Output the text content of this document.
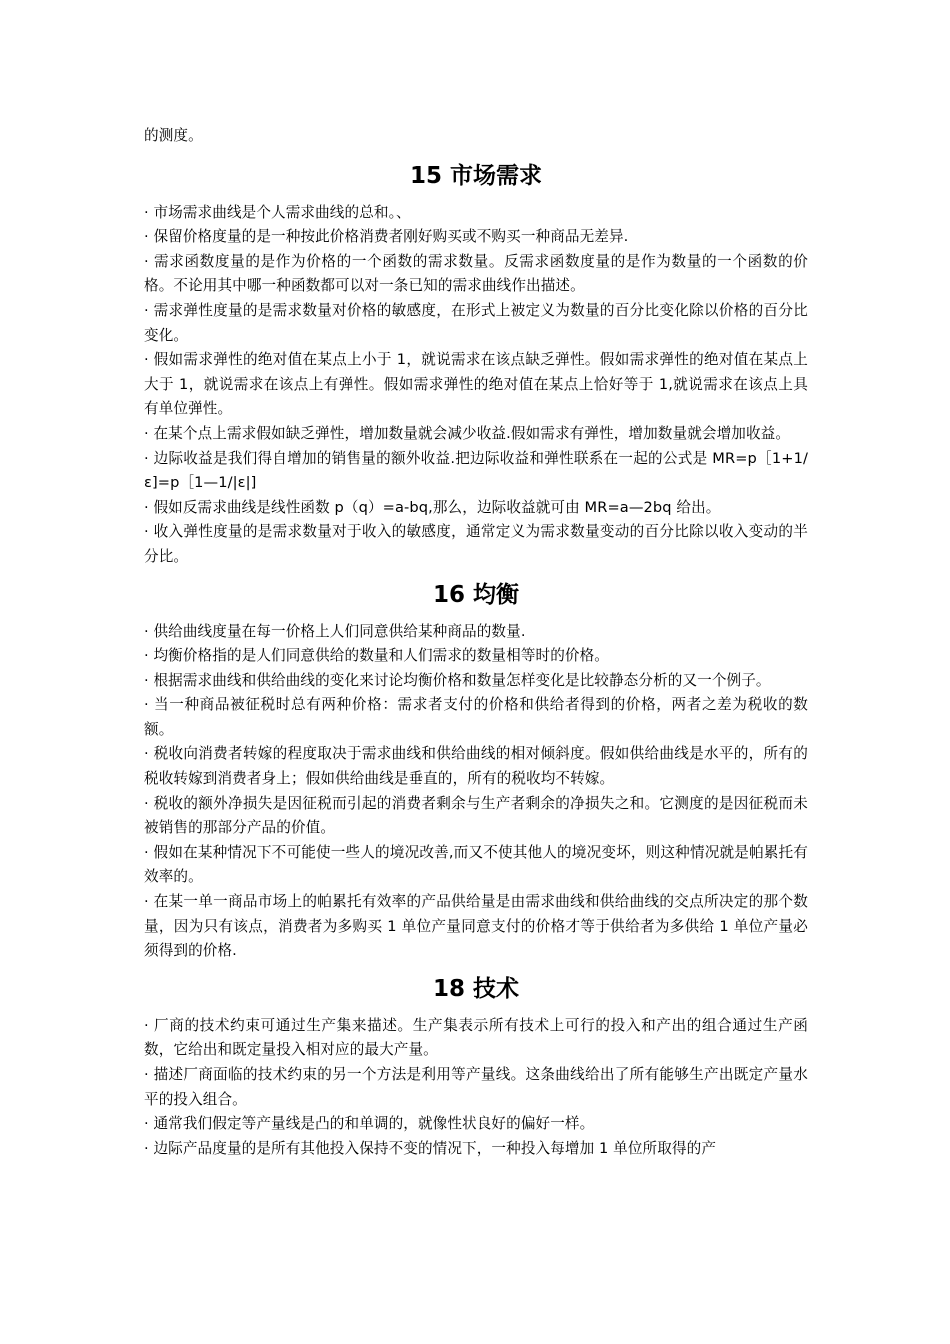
的测度。

15 市场需求

· 市场需求曲线是个人需求曲线的总和。、

· 保留价格度量的是一种按此价格消费者刚好购买或不购买一种商品无差异.

· 需求函数度量的是作为价格的一个函数的需求数量。反需求函数度量的是作为数量的一个函数的价格。不论用其中哪一种函数都可以对一条已知的需求曲线作出描述。

· 需求弹性度量的是需求数量对价格的敏感度，在形式上被定义为数量的百分比变化除以价格的百分比变化。

· 假如需求弹性的绝对值在某点上小于 1，就说需求在该点缺乏弹性。假如需求弹性的绝对值在某点上大于 1，就说需求在该点上有弹性。假如需求弹性的绝对值在某点上恰好等于 1,就说需求在该点上具有单位弹性。

· 在某个点上需求假如缺乏弹性，增加数量就会减少收益.假如需求有弹性，增加数量就会增加收益。

· 边际收益是我们得自增加的销售量的额外收益.把边际收益和弹性联系在一起的公式是 MR=p［1+1/ε]=p［1—1/|ε|]

· 假如反需求曲线是线性函数 p（q）=a-bq,那么，边际收益就可由 MR=a—2bq 给出。

· 收入弹性度量的是需求数量对于收入的敏感度，通常定义为需求数量变动的百分比除以收入变动的半分比。

16 均衡

· 供给曲线度量在每一价格上人们同意供给某种商品的数量.

· 均衡价格指的是人们同意供给的数量和人们需求的数量相等时的价格。

· 根据需求曲线和供给曲线的变化来讨论均衡价格和数量怎样变化是比较静态分析的又一个例子。

· 当一种商品被征税时总有两种价格：需求者支付的价格和供给者得到的价格，两者之差为税收的数额。

· 税收向消费者转嫁的程度取决于需求曲线和供给曲线的相对倾斜度。假如供给曲线是水平的，所有的税收转嫁到消费者身上；假如供给曲线是垂直的，所有的税收均不转嫁。

· 税收的额外净损失是因征税而引起的消费者剩余与生产者剩余的净损失之和。它测度的是因征税而未被销售的那部分产品的价值。

· 假如在某种情况下不可能使一些人的境况改善,而又不使其他人的境况变坏，则这种情况就是帕累托有效率的。

· 在某一单一商品市场上的帕累托有效率的产品供给量是由需求曲线和供给曲线的交点所决定的那个数量，因为只有该点，消费者为多购买 1 单位产量同意支付的价格才等于供给者为多供给 1 单位产量必须得到的价格.

18 技术

· 厂商的技术约束可通过生产集来描述。生产集表示所有技术上可行的投入和产出的组合通过生产函数，它给出和既定量投入相对应的最大产量。

· 描述厂商面临的技术约束的另一个方法是利用等产量线。这条曲线给出了所有能够生产出既定产量水平的投入组合。

· 通常我们假定等产量线是凸的和单调的，就像性状良好的偏好一样。

· 边际产品度量的是所有其他投入保持不变的情况下，一种投入每增加 1 单位所取得的产
